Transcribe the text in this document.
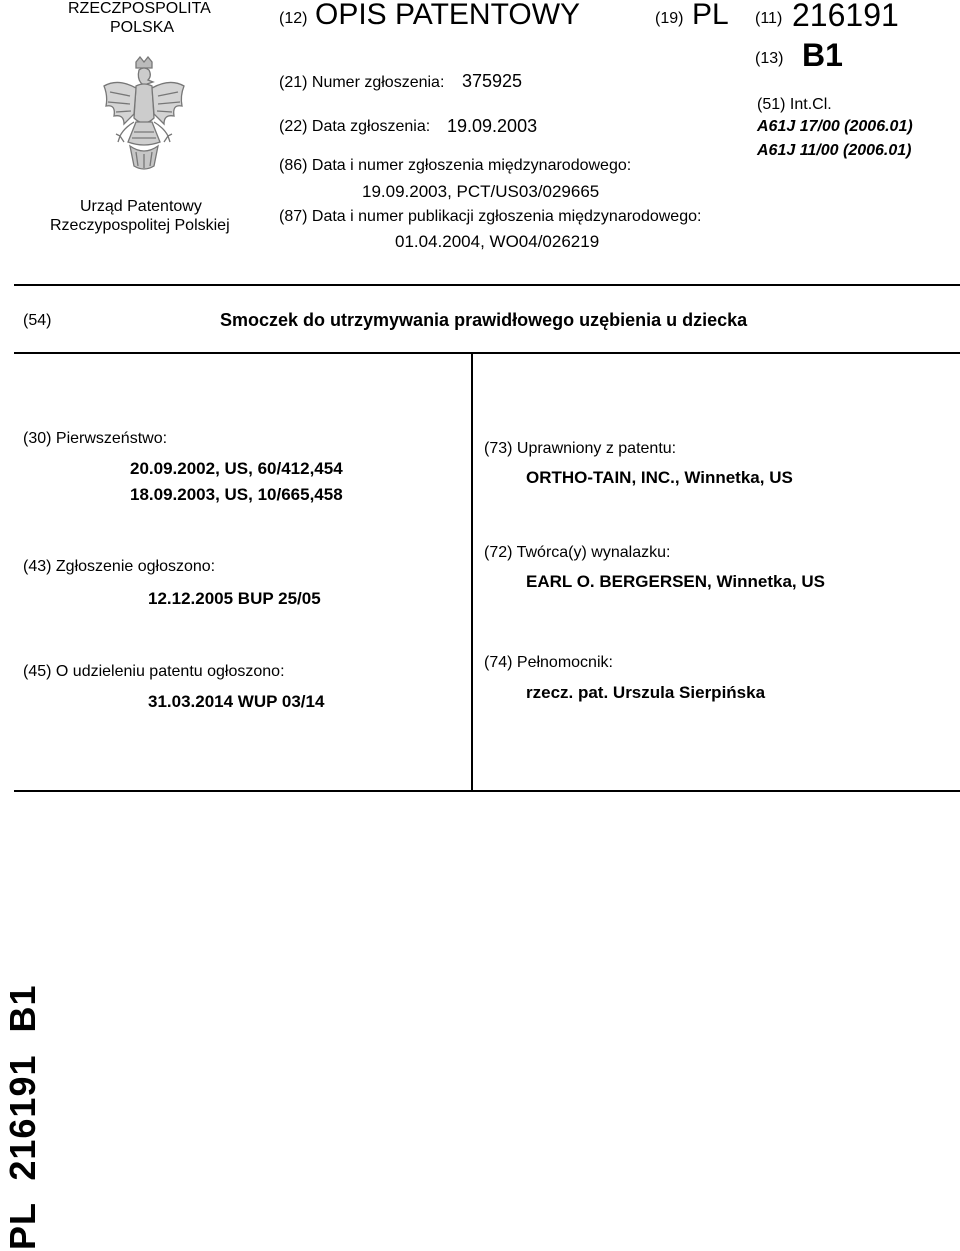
RZECZPOSPOLITA
POLSKA
Urząd Patentowy
Rzeczypospolitej Polskiej
(12) OPIS PATENTOWY	(19) PL (11) 216191
(13) B1
(21) Numer zgłoszenia: 375925
(22) Data zgłoszenia: 19.09.2003
(86) Data i numer zgłoszenia międzynarodowego:
19.09.2003, PCT/US03/029665
(87) Data i numer publikacji zgłoszenia międzynarodowego:
01.04.2004, WO04/026219
(51) Int.Cl.
A61J 17/00 (2006.01)
A61J 11/00 (2006.01)
(54)	Smoczek do utrzymywania prawidłowego uzębienia u dziecka
(30) Pierwszeństwo:
20.09.2002, US, 60/412,454
18.09.2003, US, 10/665,458
(43) Zgłoszenie ogłoszono:
12.12.2005 BUP 25/05
(45) O udzieleniu patentu ogłoszono:
31.03.2014 WUP 03/14
(73) Uprawniony z patentu:
ORTHO-TAIN, INC., Winnetka, US
(72) Twórca(y) wynalazku:
EARL O. BERGERSEN, Winnetka, US
(74) Pełnomocnik:
rzecz. pat. Urszula Sierpińska
PL  216191  B1
